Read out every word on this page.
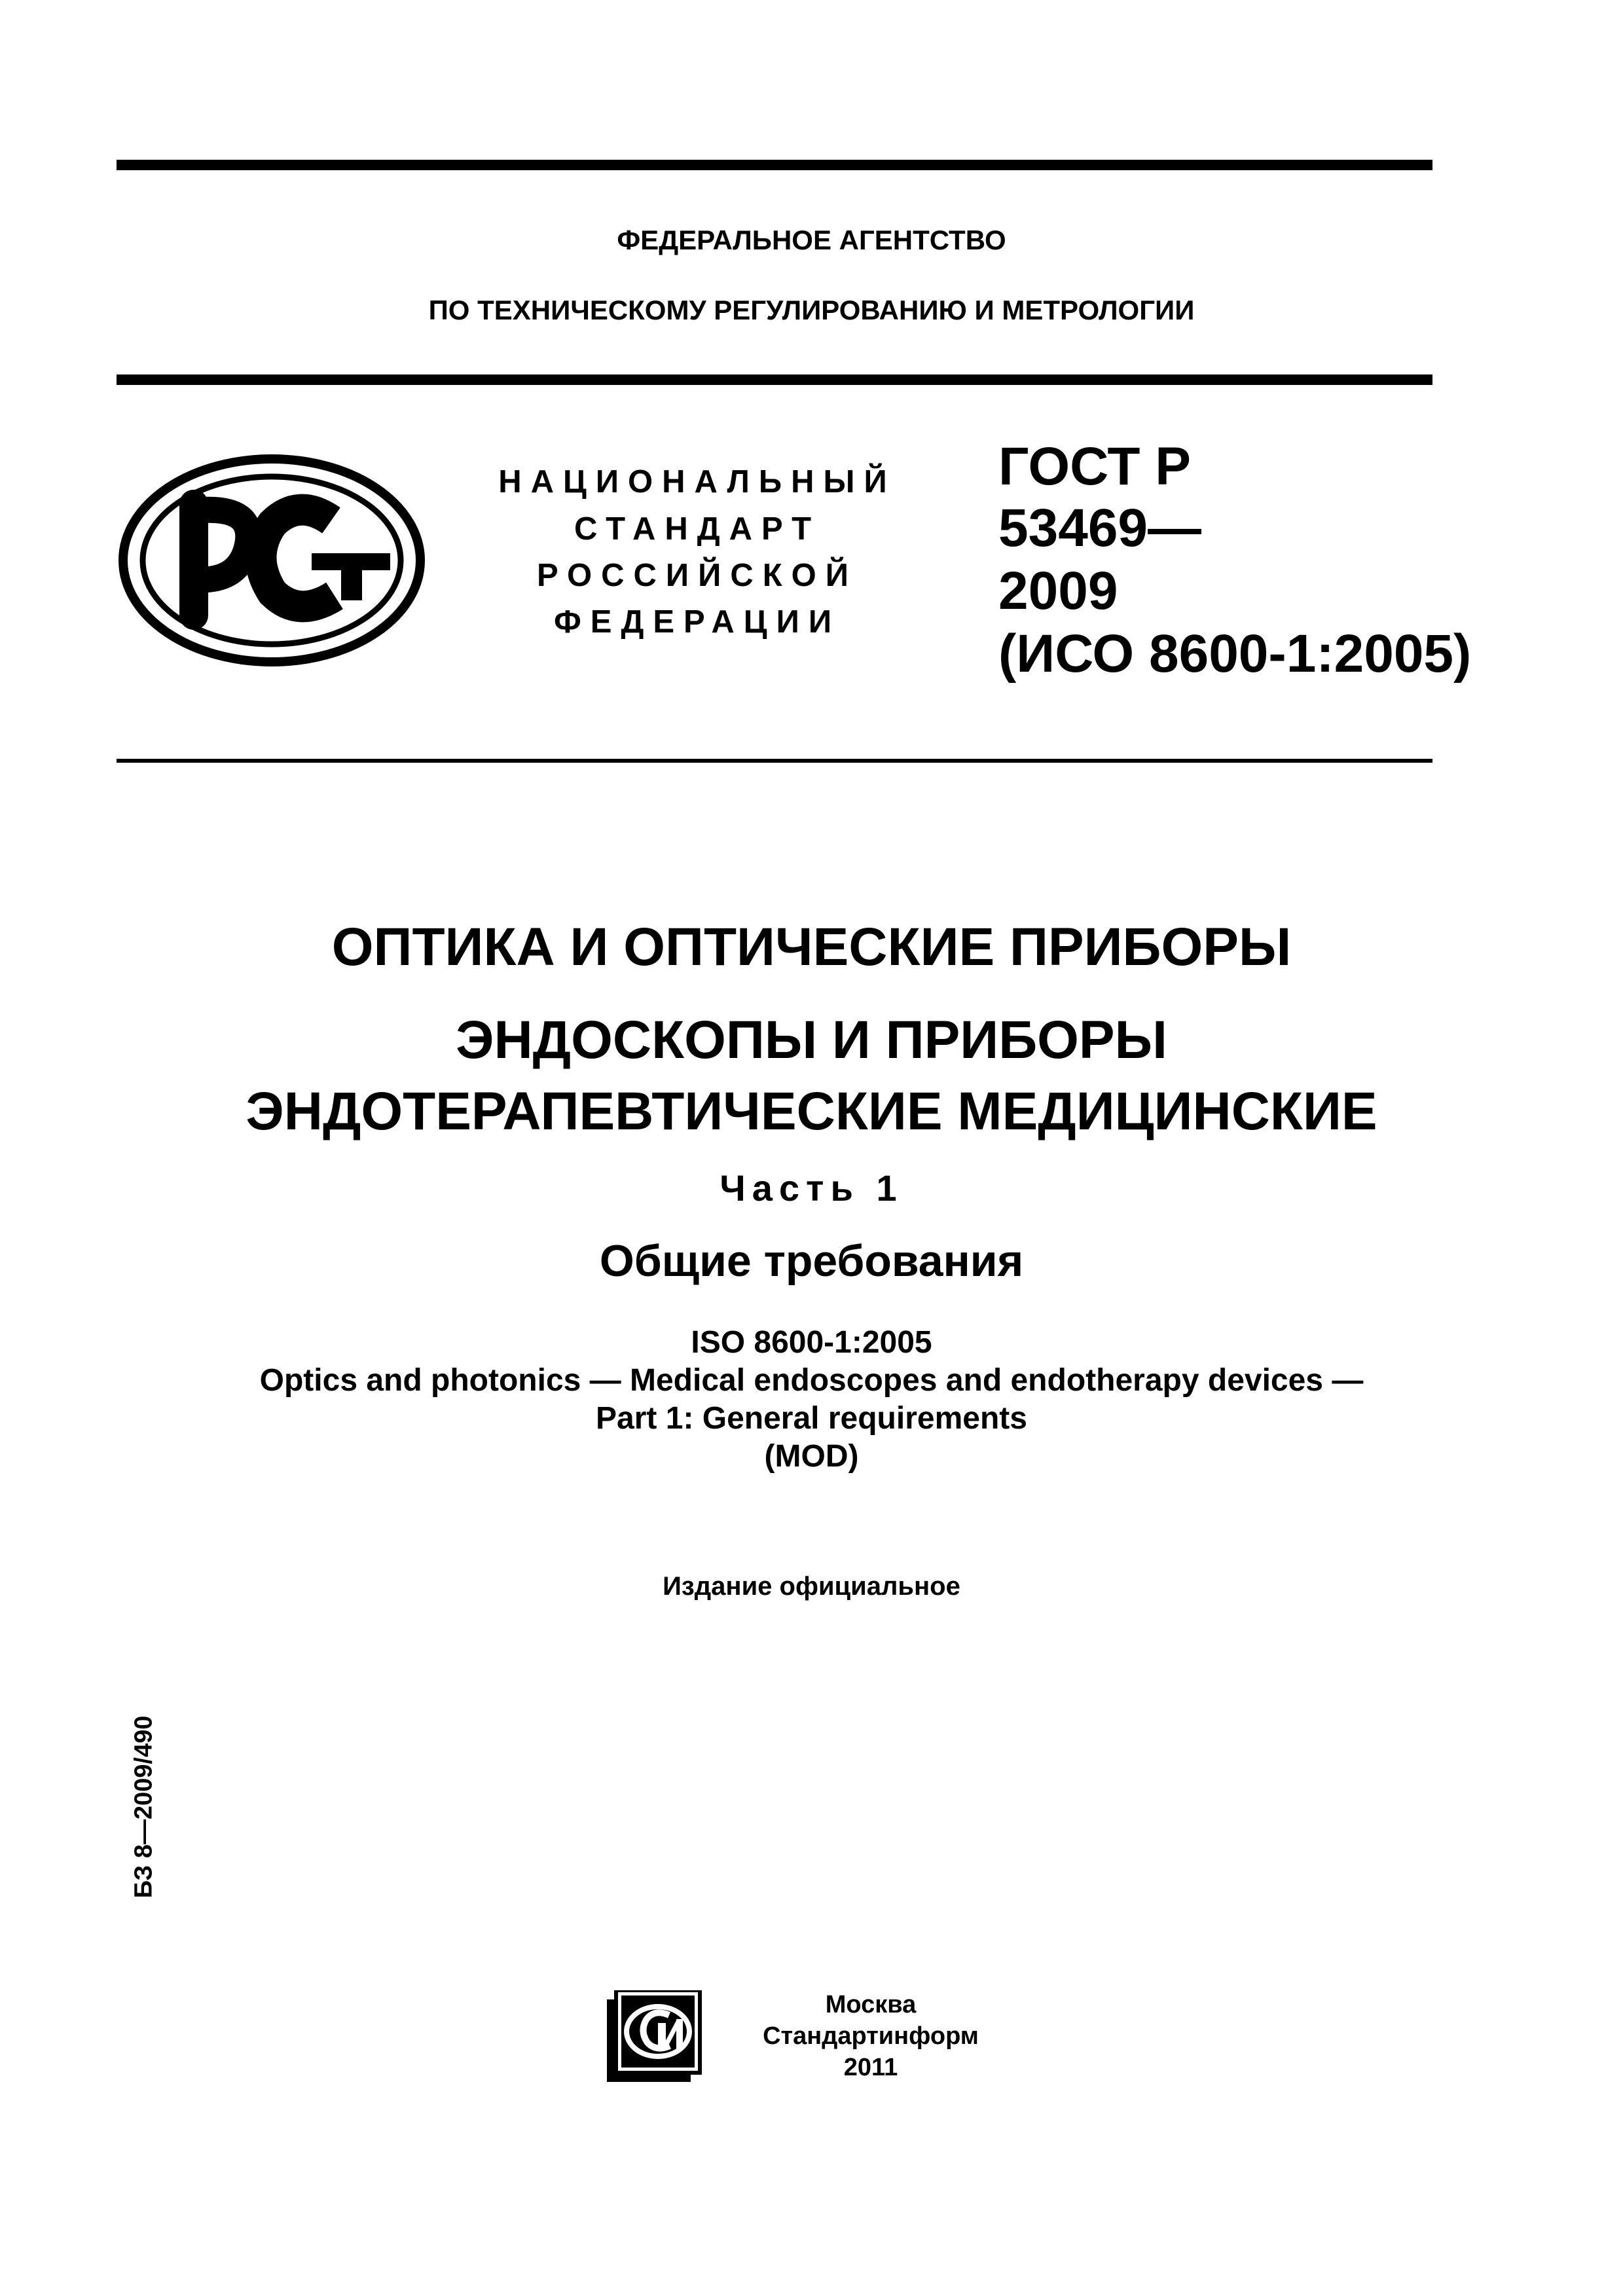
ФЕДЕРАЛЬНОЕ АГЕНТСТВО
ПО ТЕХНИЧЕСКОМУ РЕГУЛИРОВАНИЮ И МЕТРОЛОГИИ
НАЦИОНАЛЬНЫЙ
СТАНДАРТ
РОССИЙСКОЙ
ФЕДЕРАЦИИ
ГОСТ Р
53469—
2009
(ИСО 8600-1:2005)
ОПТИКА И ОПТИЧЕСКИЕ ПРИБОРЫ
ЭНДОСКОПЫ И ПРИБОРЫ
ЭНДОТЕРАПЕВТИЧЕСКИЕ МЕДИЦИНСКИЕ
Часть 1
Общие требования
ISO 8600-1:2005
Optics and photonics — Medical endoscopes and endotherapy devices —
Part 1: General requirements
(MOD)
Издание официальное
БЗ 8—2009/490
Москва
Стандартинформ
2011
